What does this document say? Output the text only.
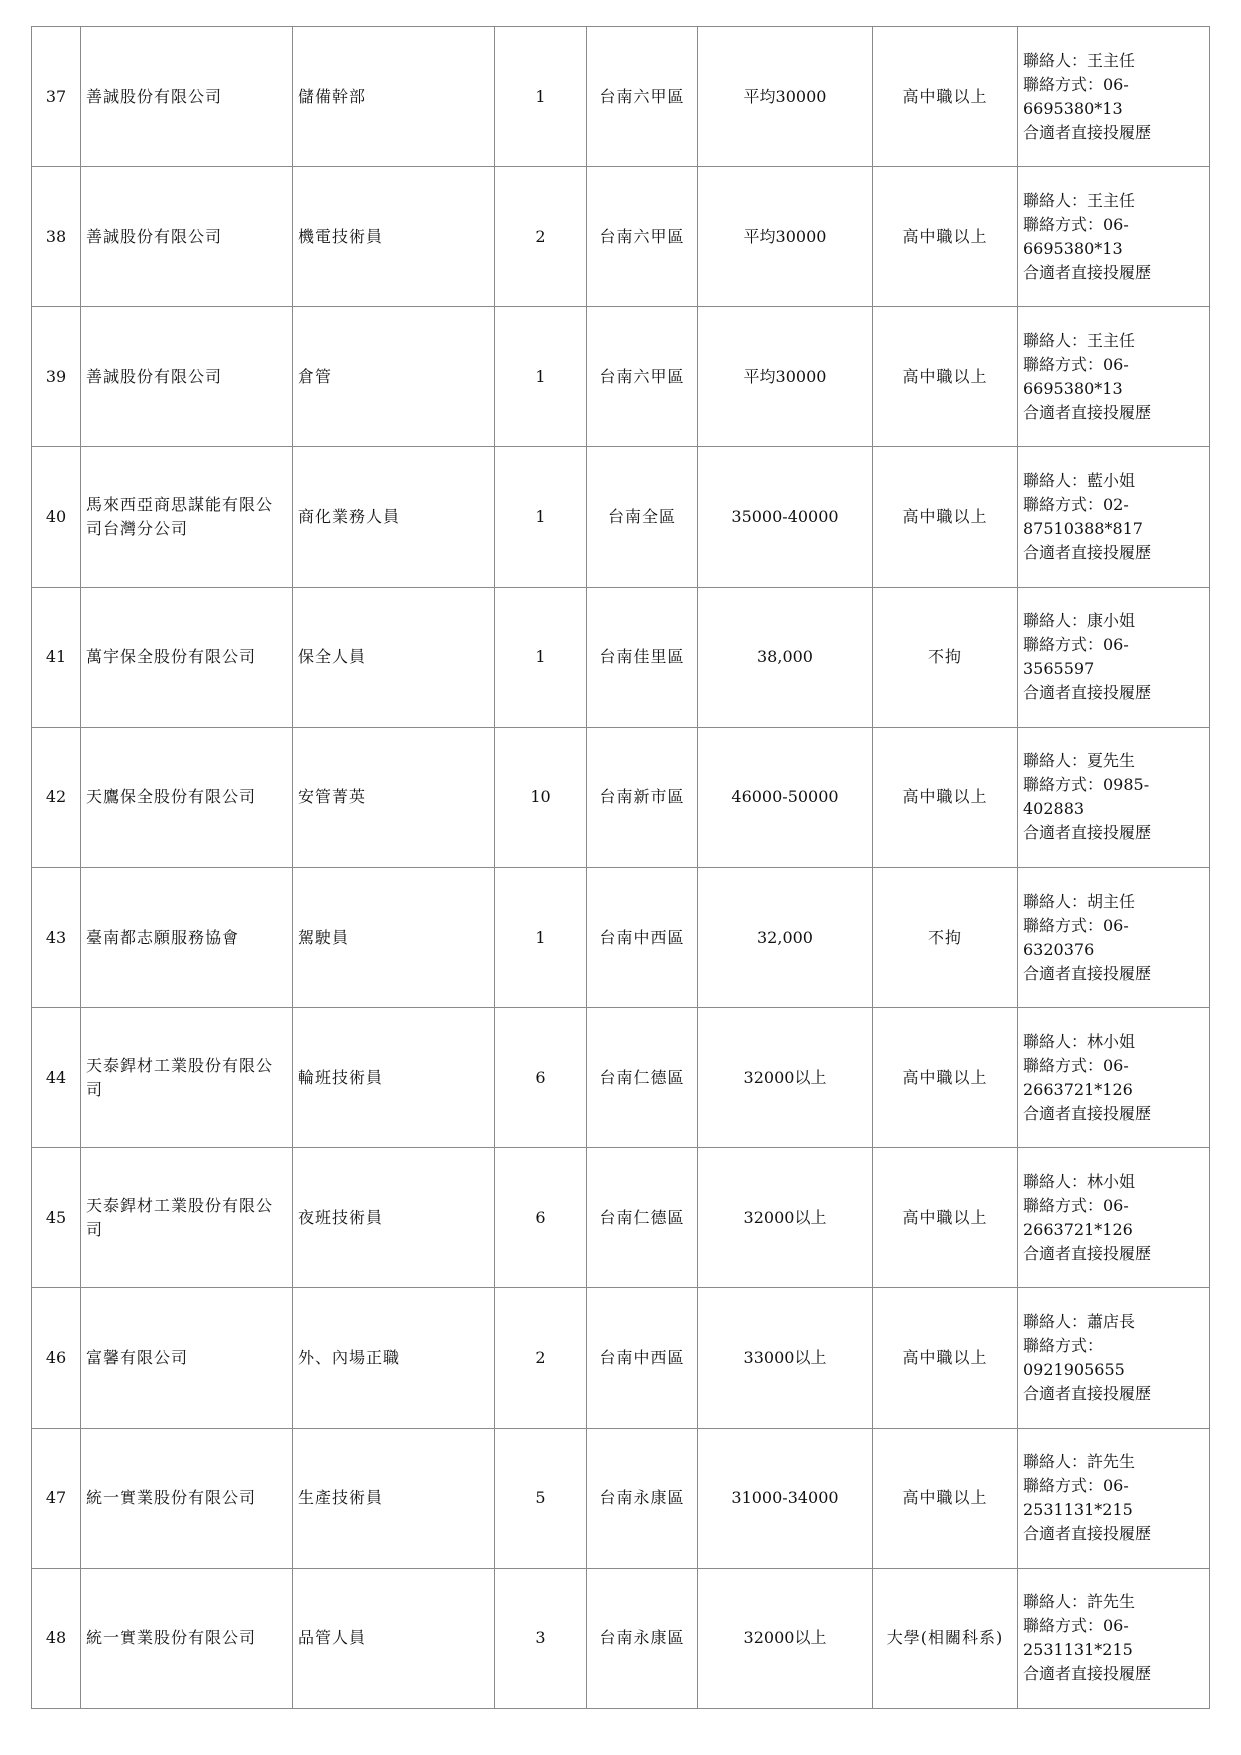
37	善誠股份有限公司	儲備幹部	1	台南六甲區	平均30000	高中職以上	聯絡人：王主任
聯絡方式：06-
6695380*13
合適者直接投履歷

38	善誠股份有限公司	機電技術員	2	台南六甲區	平均30000	高中職以上	聯絡人：王主任
聯絡方式：06-
6695380*13
合適者直接投履歷

39	善誠股份有限公司	倉管	1	台南六甲區	平均30000	高中職以上	聯絡人：王主任
聯絡方式：06-
6695380*13
合適者直接投履歷

40	馬來西亞商思謀能有限公司台灣分公司	商化業務人員	1	台南全區	35000-40000	高中職以上	聯絡人：藍小姐
聯絡方式：02-
87510388*817
合適者直接投履歷

41	萬宇保全股份有限公司	保全人員	1	台南佳里區	38,000	不拘	聯絡人：康小姐
聯絡方式：06-
3565597
合適者直接投履歷

42	天鷹保全股份有限公司	安管菁英	10	台南新市區	46000-50000	高中職以上	聯絡人：夏先生
聯絡方式：0985-
402883
合適者直接投履歷

43	臺南都志願服務協會	駕駛員	1	台南中西區	32,000	不拘	聯絡人：胡主任
聯絡方式：06-
6320376
合適者直接投履歷

44	天泰銲材工業股份有限公司	輪班技術員	6	台南仁德區	32000以上	高中職以上	聯絡人：林小姐
聯絡方式：06-
2663721*126
合適者直接投履歷

45	天泰銲材工業股份有限公司	夜班技術員	6	台南仁德區	32000以上	高中職以上	聯絡人：林小姐
聯絡方式：06-
2663721*126
合適者直接投履歷

46	富馨有限公司	外、內場正職	2	台南中西區	33000以上	高中職以上	聯絡人：蕭店長
聯絡方式：
0921905655
合適者直接投履歷

47	統一實業股份有限公司	生產技術員	5	台南永康區	31000-34000	高中職以上	聯絡人：許先生
聯絡方式：06-
2531131*215
合適者直接投履歷

48	統一實業股份有限公司	品管人員	3	台南永康區	32000以上	大學(相關科系)	聯絡人：許先生
聯絡方式：06-
2531131*215
合適者直接投履歷
